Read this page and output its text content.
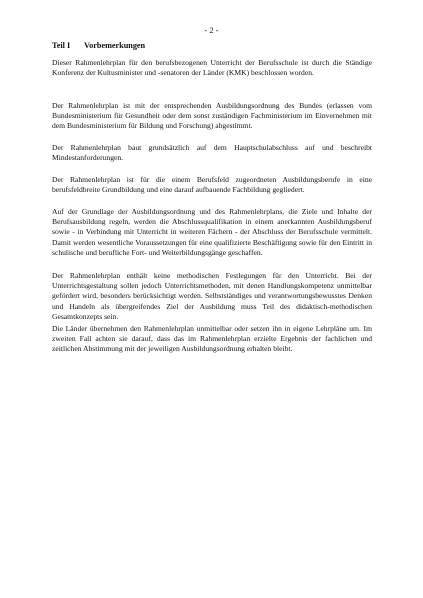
- 2 -
Teil I Vorbemerkungen

Dieser Rahmenlehrplan für den berufsbezogenen Unterricht der Berufsschule ist durch die Ständige Konferenz der Kultusminister und -senatoren der Länder (KMK) beschlossen worden.

Der Rahmenlehrplan ist mit der entsprechenden Ausbildungsordnung des Bundes (erlassen vom Bundesministerium für Gesundheit oder dem sonst zuständigen Fachministerium im Einvernehmen mit dem Bundesministerium für Bildung und Forschung) abgestimmt.

Der Rahmenlehrplan baut grundsätzlich auf dem Hauptschulabschluss auf und beschreibt Mindestanforderungen.

Der Rahmenlehrplan ist für die einem Berufsfeld zugeordneten Ausbildungsberufe in eine berufsfeldbreite Grundbildung und eine darauf aufbauende Fachbildung gegliedert.

Auf der Grundlage der Ausbildungsordnung und des Rahmenlehrplans, die Ziele und Inhalte der Berufsausbildung regeln, werden die Abschlussqualifikation in einem anerkannten Ausbildungsberuf sowie - in Verbindung mit Unterricht in weiteren Fächern - der Abschluss der Berufsschule vermittelt. Damit werden wesentliche Voraussetzungen für eine qualifizierte Beschäftigung sowie für den Eintritt in schulische und berufliche Fort- und Weiterbildungsgänge geschaffen.

Der Rahmenlehrplan enthält keine methodischen Festlegungen für den Unterricht. Bei der Unterrichtsgestaltung sollen jedoch Unterrichtsmethoden, mit denen Handlungskompetenz unmittelbar gefördert wird, besonders berücksichtigt werden. Selbstständiges und verantwortungsbewusstes Denken und Handeln als übergreifendes Ziel der Ausbildung muss Teil des didaktisch-methodischen Gesamtkonzepts sein.

Die Länder übernehmen den Rahmenlehrplan unmittelbar oder setzen ihn in eigene Lehrpläne um. Im zweiten Fall achten sie darauf, dass das im Rahmenlehrplan erzielte Ergebnis der fachlichen und zeitlichen Abstimmung mit der jeweiligen Ausbildungsordnung erhalten bleibt.
